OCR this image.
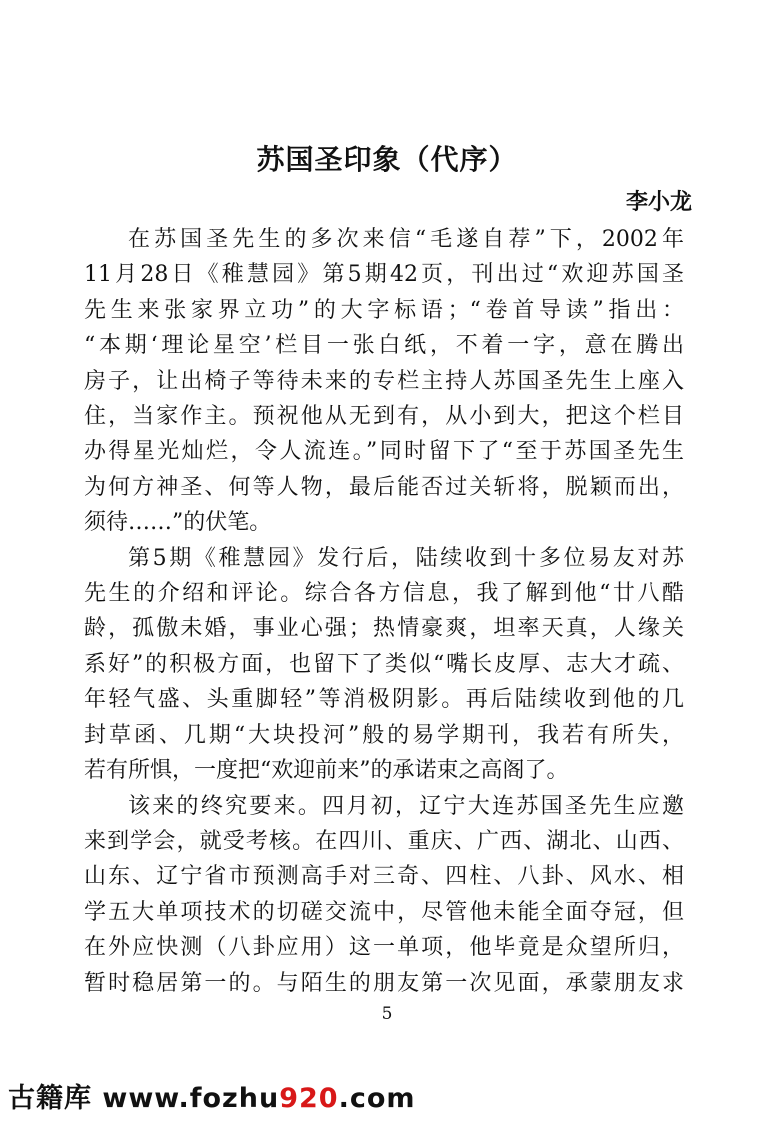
苏国圣印象（代序）
李小龙
在苏国圣先生的多次来信“毛遂自荐”下，2002年
11月28日《稚慧园》第5期42页，刊出过“欢迎苏国圣
先生来张家界立功”的大字标语；“卷首导读”指出：
“本期‘理论星空’栏目一张白纸，不着一字，意在腾出
房子，让出椅子等待未来的专栏主持人苏国圣先生上座入
住，当家作主。预祝他从无到有，从小到大，把这个栏目
办得星光灿烂，令人流连。”同时留下了“至于苏国圣先生
为何方神圣、何等人物，最后能否过关斩将，脱颖而出，
须待……”的伏笔。
第5期《稚慧园》发行后，陆续收到十多位易友对苏
先生的介绍和评论。综合各方信息，我了解到他“廿八酷
龄，孤傲未婚，事业心强；热情豪爽，坦率天真，人缘关
系好”的积极方面，也留下了类似“嘴长皮厚、志大才疏、
年轻气盛、头重脚轻”等消极阴影。再后陆续收到他的几
封草函、几期“大块投河”般的易学期刊，我若有所失，
若有所惧，一度把“欢迎前来”的承诺束之高阁了。
该来的终究要来。四月初，辽宁大连苏国圣先生应邀
来到学会，就受考核。在四川、重庆、广西、湖北、山西、
山东、辽宁省市预测高手对三奇、四柱、八卦、风水、相
学五大单项技术的切磋交流中，尽管他未能全面夺冠，但
在外应快测（八卦应用）这一单项，他毕竟是众望所归，
暂时稳居第一的。与陌生的朋友第一次见面，承蒙朋友求
5
古籍库 www.fozhu920.com
